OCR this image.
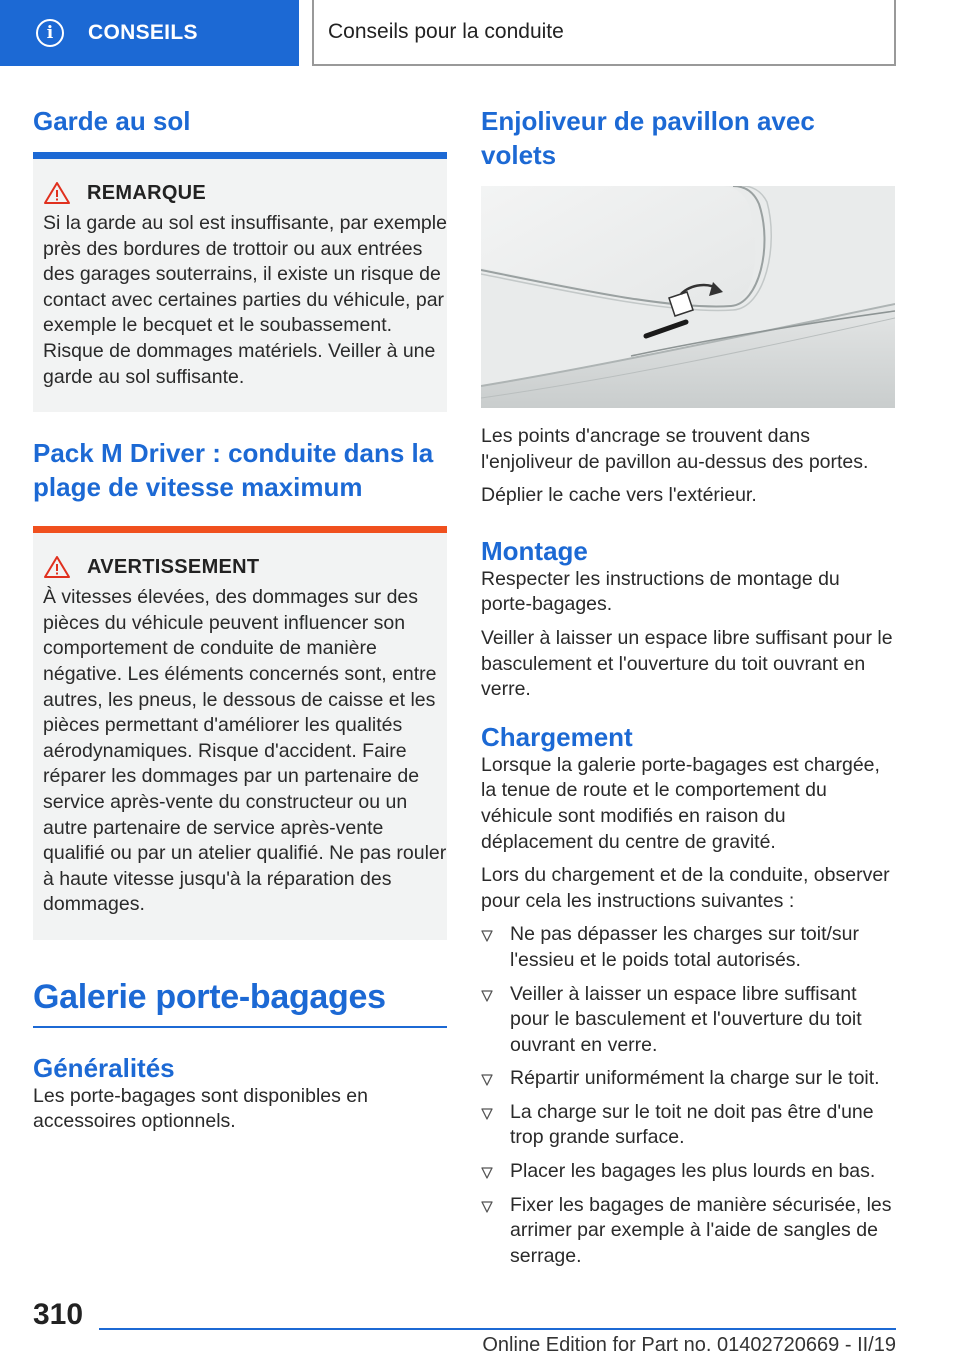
i	CONSEILS	Conseils pour la conduite
Garde au sol
REMARQUE

Si la garde au sol est insuffisante, par exemple près des bordures de trottoir ou aux entrées des garages souterrains, il existe un risque de contact avec certaines parties du véhicule, par exemple le becquet et le soubassement. Risque de dommages matériels. Veiller à une garde au sol suffisante.

Pack M Driver : conduite dans la plage de vitesse maximum
AVERTISSEMENT

À vitesses élevées, des dommages sur des pièces du véhicule peuvent influencer son comportement de conduite de manière négative. Les éléments concernés sont, entre autres, les pneus, le dessous de caisse et les pièces permettant d'améliorer les qualités aérodynamiques. Risque d'accident. Faire réparer les dommages par un partenaire de service après-vente du constructeur ou un autre partenaire de service après-vente qualifié ou par un atelier qualifié. Ne pas rouler à haute vitesse jusqu'à la réparation des dommages.

Galerie porte-bagages
Généralités

Les porte-bagages sont disponibles en accessoires optionnels.

Enjoliveur de pavillon avec volets

Les points d'ancrage se trouvent dans l'enjoliveur de pavillon au-dessus des portes.

Déplier le cache vers l'extérieur.

Montage

Respecter les instructions de montage du porte-bagages.

Veiller à laisser un espace libre suffisant pour le basculement et l'ouverture du toit ouvrant en verre.

Chargement

Lorsque la galerie porte-bagages est chargée, la tenue de route et le comportement du véhicule sont modifiés en raison du déplacement du centre de gravité.

Lors du chargement et de la conduite, observer pour cela les instructions suivantes :

Ne pas dépasser les charges sur toit/sur l'essieu et le poids total autorisés.
Veiller à laisser un espace libre suffisant pour le basculement et l'ouverture du toit ouvrant en verre.
Répartir uniformément la charge sur le toit.
La charge sur le toit ne doit pas être d'une trop grande surface.
Placer les bagages les plus lourds en bas.
Fixer les bagages de manière sécurisée, les arrimer par exemple à l'aide de sangles de serrage.
310
Online Edition for Part no. 01402720669 - II/19
